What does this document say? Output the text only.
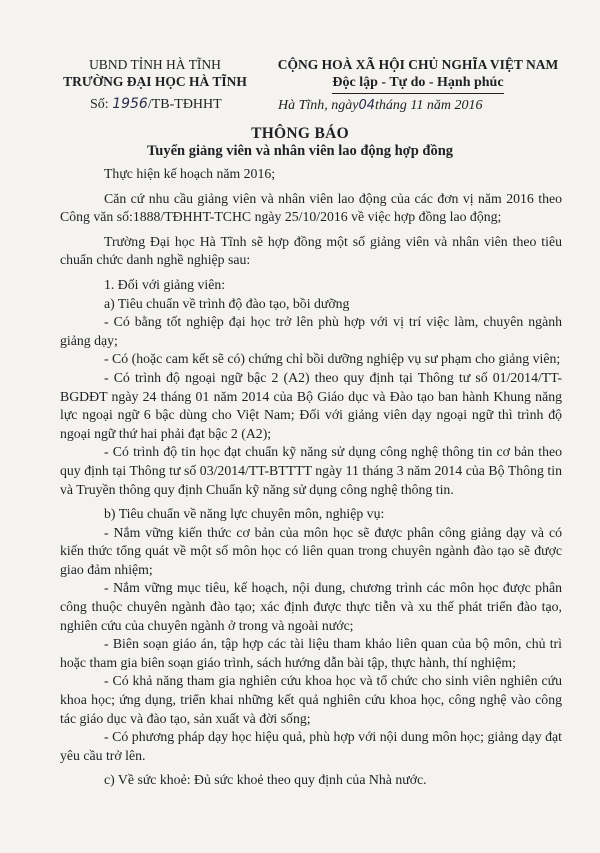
UBND TỈNH HÀ TĨNH
TRƯỜNG ĐẠI HỌC HÀ TĨNH
CỘNG HOÀ XÃ HỘI CHỦ NGHĨA VIỆT NAM
Độc lập - Tự do - Hạnh phúc
Số: 1956/TB-TĐHHT	Hà Tĩnh, ngày04tháng 11 năm 2016
THÔNG BÁO
Tuyển giảng viên và nhân viên lao động hợp đồng

Thực hiện kế hoạch năm 2016;

Căn cứ nhu cầu giảng viên và nhân viên lao động của các đơn vị năm 2016 theo Công văn số:1888/TĐHHT-TCHC ngày 25/10/2016 về việc hợp đồng lao động;

Trường Đại học Hà Tĩnh sẽ hợp đồng một số giảng viên và nhân viên theo tiêu chuẩn chức danh nghề nghiệp sau:

1. Đối với giảng viên:

a) Tiêu chuẩn về trình độ đào tạo, bồi dưỡng

- Có bằng tốt nghiệp đại học trở lên phù hợp với vị trí việc làm, chuyên ngành giảng dạy;

- Có (hoặc cam kết sẽ có) chứng chỉ bồi dưỡng nghiệp vụ sư phạm cho giảng viên;

- Có trình độ ngoại ngữ bậc 2 (A2) theo quy định tại Thông tư số 01/2014/TT-BGDĐT ngày 24 tháng 01 năm 2014 của Bộ Giáo dục và Đào tạo ban hành Khung năng lực ngoại ngữ 6 bậc dùng cho Việt Nam; Đối với giảng viên dạy ngoại ngữ thì trình độ ngoại ngữ thứ hai phải đạt bậc 2 (A2);

- Có trình độ tin học đạt chuẩn kỹ năng sử dụng công nghệ thông tin cơ bản theo quy định tại Thông tư số 03/2014/TT-BTTTT ngày 11 tháng 3 năm 2014 của Bộ Thông tin và Truyền thông quy định Chuẩn kỹ năng sử dụng công nghệ thông tin.

b) Tiêu chuẩn về năng lực chuyên môn, nghiệp vụ:

- Nắm vững kiến thức cơ bản của môn học sẽ được phân công giảng dạy và có kiến thức tổng quát về một số môn học có liên quan trong chuyên ngành đào tạo sẽ được giao đảm nhiệm;

- Nắm vững mục tiêu, kế hoạch, nội dung, chương trình các môn học được phân công thuộc chuyên ngành đào tạo; xác định được thực tiễn và xu thế phát triển đào tạo, nghiên cứu của chuyên ngành ở trong và ngoài nước;

- Biên soạn giáo án, tập hợp các tài liệu tham khảo liên quan của bộ môn, chủ trì hoặc tham gia biên soạn giáo trình, sách hướng dẫn bài tập, thực hành, thí nghiệm;

- Có khả năng tham gia nghiên cứu khoa học và tổ chức cho sinh viên nghiên cứu khoa học; ứng dụng, triển khai những kết quả nghiên cứu khoa học, công nghệ vào công tác giáo dục và đào tạo, sản xuất và đời sống;

- Có phương pháp dạy học hiệu quả, phù hợp với nội dung môn học; giảng dạy đạt yêu cầu trở lên.

c) Về sức khoẻ: Đủ sức khoẻ theo quy định của Nhà nước.
